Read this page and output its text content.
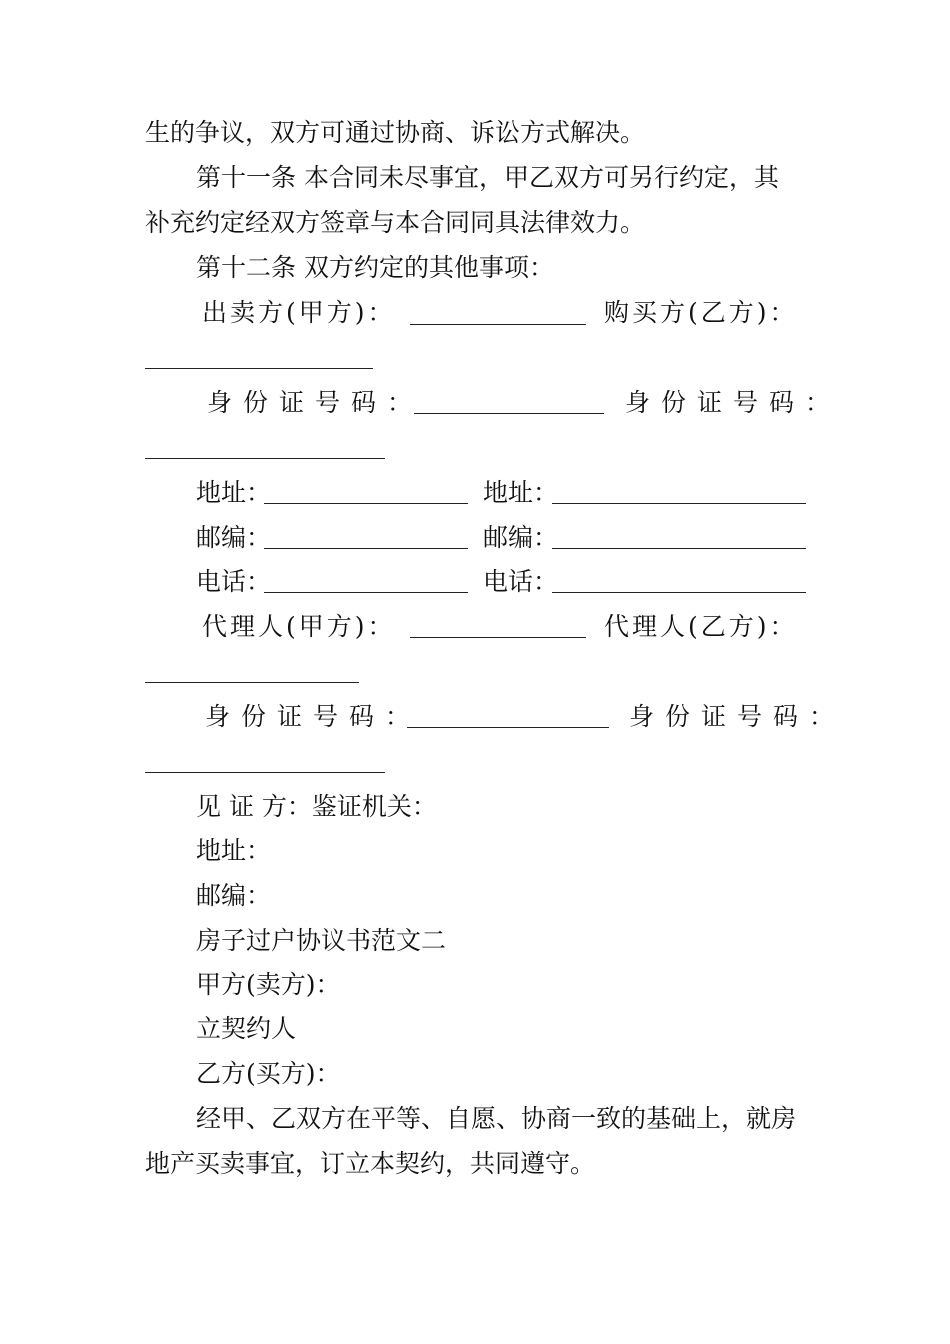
生的争议，双方可通过协商、诉讼方式解决。
第十一条 本合同未尽事宜，甲乙双方可另行约定，其
补充约定经双方签章与本合同同具法律效力。
第十二条 双方约定的其他事项：
出卖方(甲方)：	购买方(乙方)：
身份证号码：	身份证号码：
地址：	地址：
邮编：	邮编：
电话：	电话：
代理人(甲方)：	代理人(乙方)：
身份证号码：	身份证号码：
见 证 方：鉴证机关：
地址：
邮编：
房子过户协议书范文二
甲方(卖方)：
立契约人
乙方(买方)：
经甲、乙双方在平等、自愿、协商一致的基础上，就房
地产买卖事宜，订立本契约，共同遵守。
